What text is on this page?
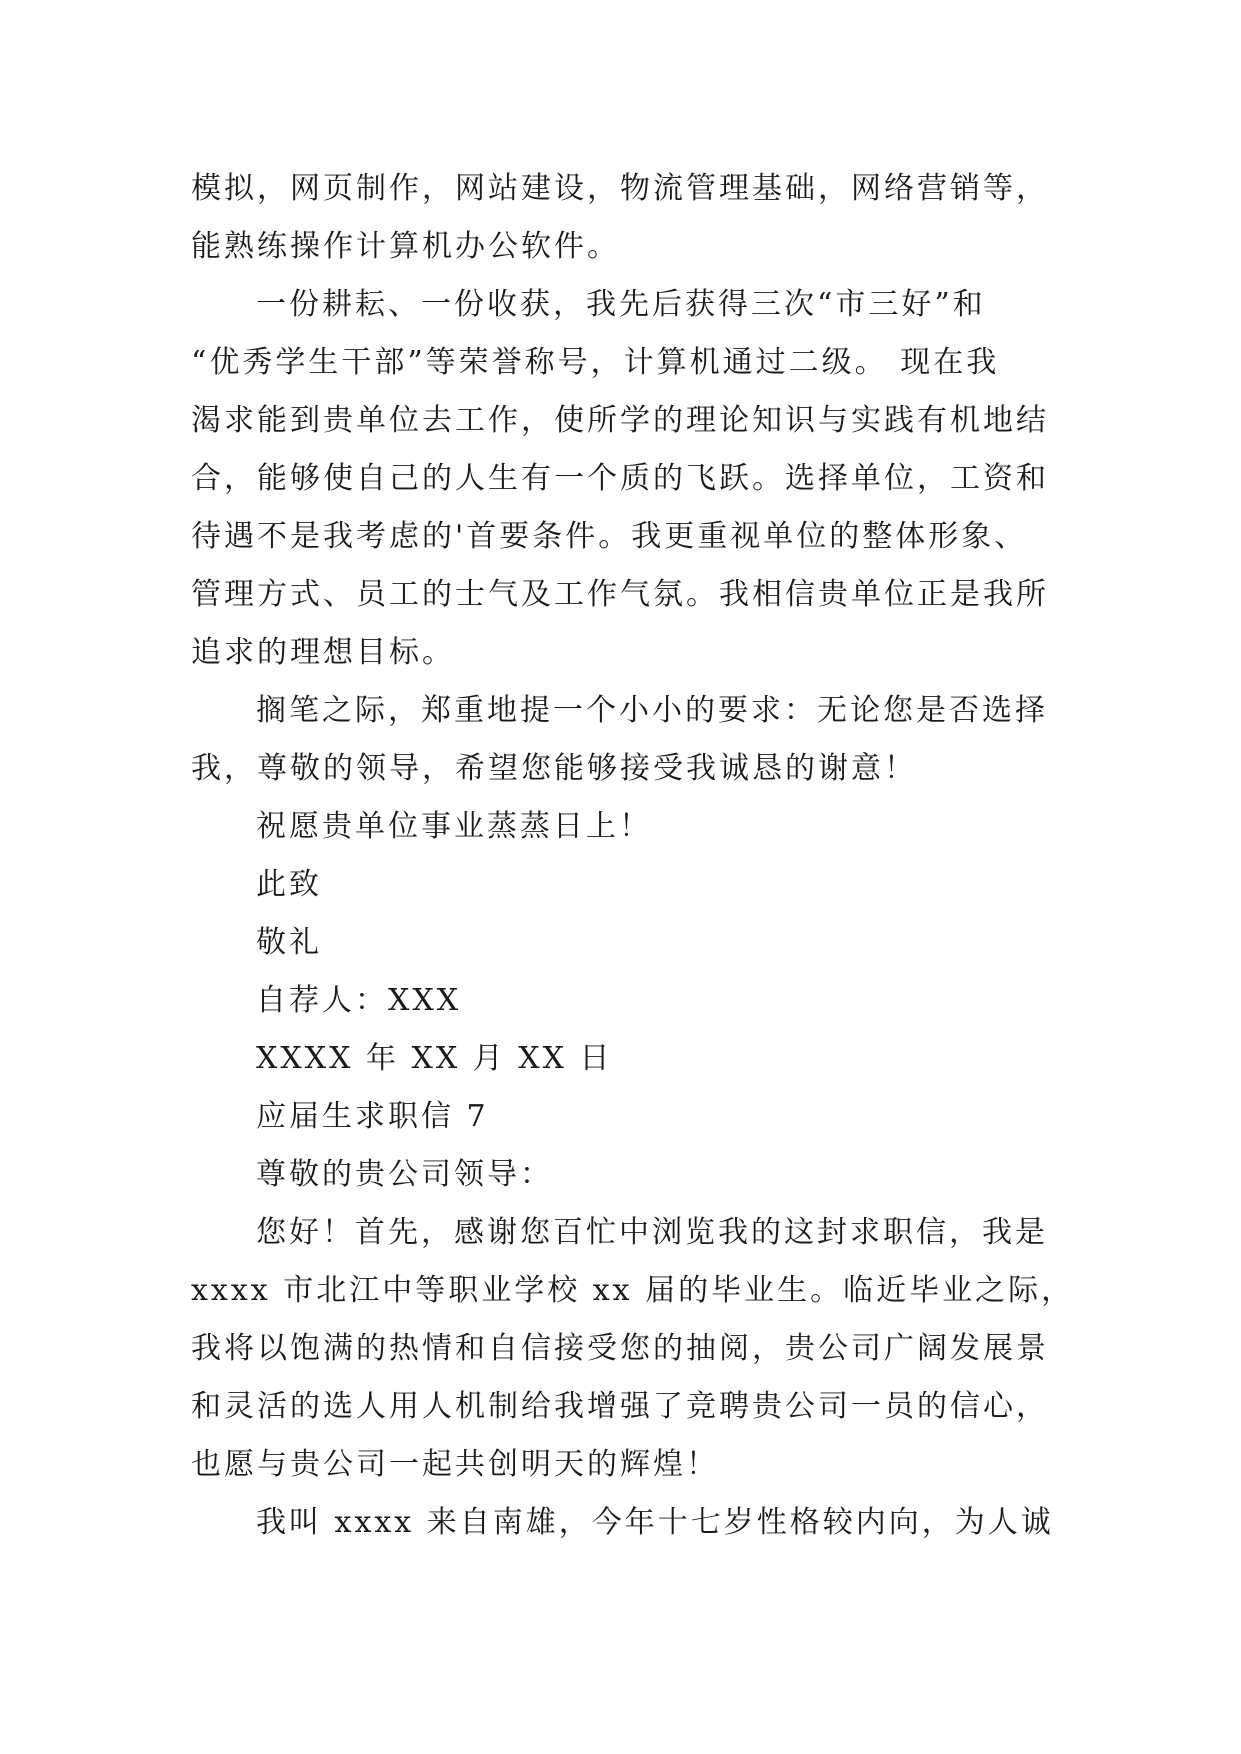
模拟，网页制作，网站建设，物流管理基础，网络营销等，
能熟练操作计算机办公软件。
一份耕耘、一份收获，我先后获得三次“市三好”和
“优秀学生干部”等荣誉称号，计算机通过二级。 现在我
渴求能到贵单位去工作，使所学的理论知识与实践有机地结
合，能够使自己的人生有一个质的飞跃。选择单位，工资和
待遇不是我考虑的'首要条件。我更重视单位的整体形象、
管理方式、员工的士气及工作气氛。我相信贵单位正是我所
追求的理想目标。
搁笔之际，郑重地提一个小小的要求：无论您是否选择
我，尊敬的领导，希望您能够接受我诚恳的谢意！
祝愿贵单位事业蒸蒸日上！
此致
敬礼
自荐人：XXX
XXXX 年 XX 月 XX 日
应届生求职信 7
尊敬的贵公司领导：
您好！首先，感谢您百忙中浏览我的这封求职信，我是
xxxx 市北江中等职业学校 xx 届的毕业生。临近毕业之际，
我将以饱满的热情和自信接受您的抽阅，贵公司广阔发展景
和灵活的选人用人机制给我增强了竞聘贵公司一员的信心，
也愿与贵公司一起共创明天的辉煌！
我叫 xxxx 来自南雄，今年十七岁性格较内向，为人诚
